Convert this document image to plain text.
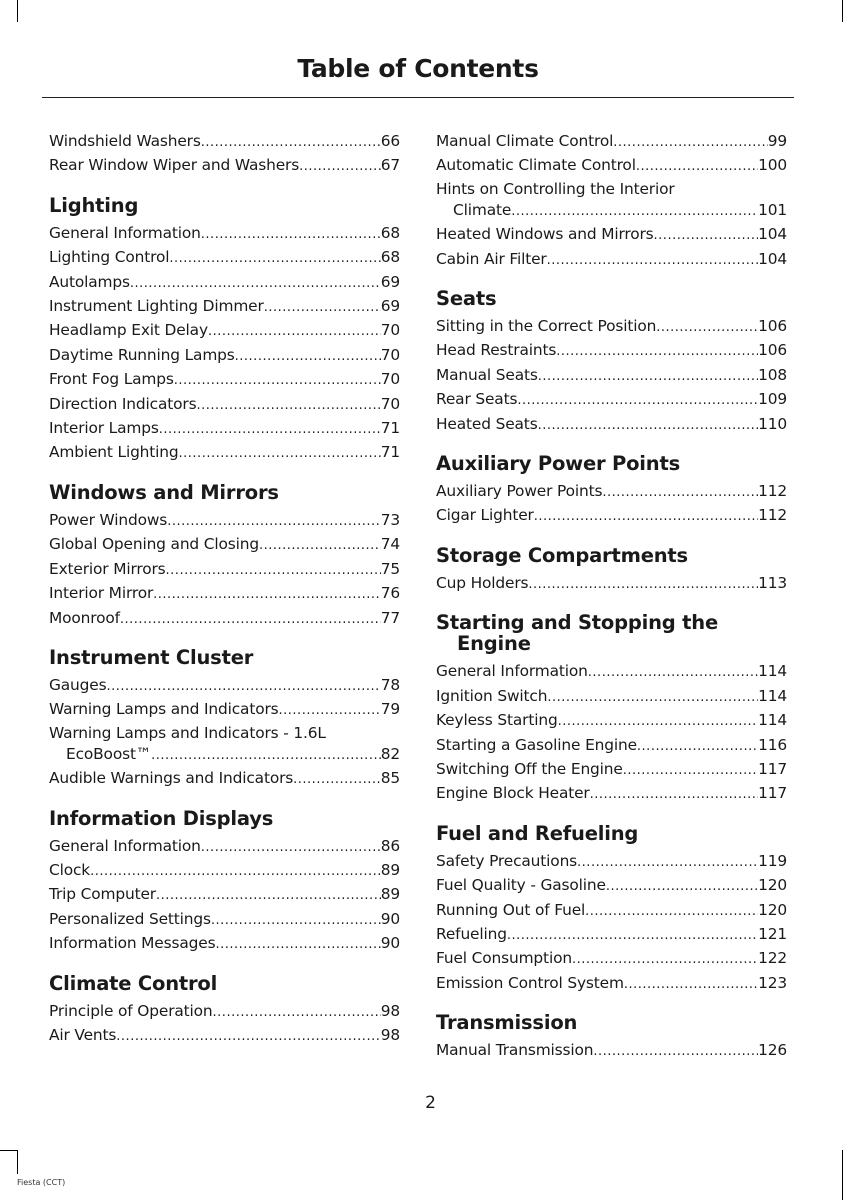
Table of Contents
Windshield Washers .....	66
Rear Window Wiper and Washers .....	67
Lighting
General Information .....	68
Lighting Control .....	68
Autolamps .....	69
Instrument Lighting Dimmer .....	69
Headlamp Exit Delay .....	70
Daytime Running Lamps .....	70
Front Fog Lamps .....	70
Direction Indicators .....	70
Interior Lamps .....	71
Ambient Lighting .....	71
Windows and Mirrors
Power Windows .....	73
Global Opening and Closing .....	74
Exterior Mirrors .....	75
Interior Mirror .....	76
Moonroof .....	77
Instrument Cluster
Gauges .....	78
Warning Lamps and Indicators .....	79
Warning Lamps and Indicators - 1.6L
EcoBoost™ .....	82
Audible Warnings and Indicators .....	85
Information Displays
General Information .....	86
Clock .....	89
Trip Computer .....	89
Personalized Settings .....	90
Information Messages .....	90
Climate Control
Principle of Operation .....	98
Air Vents .....	98
Manual Climate Control .....	99
Automatic Climate Control .....	100
Hints on Controlling the Interior
Climate .....	101
Heated Windows and Mirrors .....	104
Cabin Air Filter .....	104
Seats
Sitting in the Correct Position .....	106
Head Restraints .....	106
Manual Seats .....	108
Rear Seats .....	109
Heated Seats .....	110
Auxiliary Power Points
Auxiliary Power Points .....	112
Cigar Lighter .....	112
Storage Compartments
Cup Holders .....	113
Starting and Stopping the
Engine
General Information .....	114
Ignition Switch .....	114
Keyless Starting .....	114
Starting a Gasoline Engine .....	116
Switching Off the Engine .....	117
Engine Block Heater .....	117
Fuel and Refueling
Safety Precautions .....	119
Fuel Quality - Gasoline .....	120
Running Out of Fuel .....	120
Refueling .....	121
Fuel Consumption .....	122
Emission Control System .....	123
Transmission
Manual Transmission .....	126
2
Fiesta (CCT)
